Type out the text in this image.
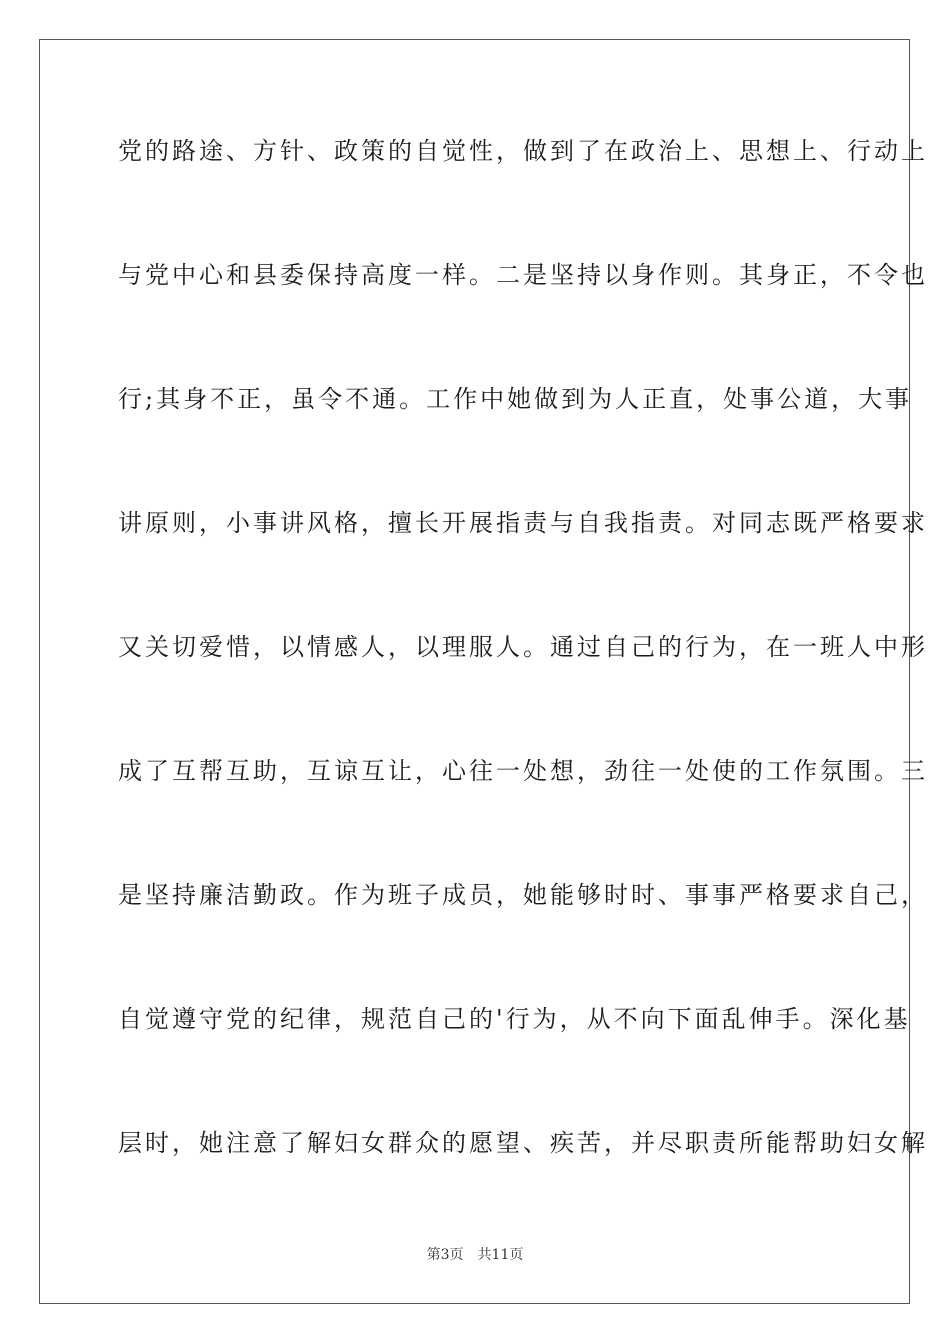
党的路途、方针、政策的自觉性，做到了在政治上、思想上、行动上
与党中心和县委保持高度一样。二是坚持以身作则。其身正，不令也
行;其身不正，虽令不通。工作中她做到为人正直，处事公道，大事
讲原则，小事讲风格，擅长开展指责与自我指责。对同志既严格要求
又关切爱惜，以情感人，以理服人。通过自己的行为，在一班人中形
成了互帮互助，互谅互让，心往一处想，劲往一处使的工作氛围。三
是坚持廉洁勤政。作为班子成员，她能够时时、事事严格要求自己，
自觉遵守党的纪律，规范自己的'行为，从不向下面乱伸手。深化基
层时，她注意了解妇女群众的愿望、疾苦，并尽职责所能帮助妇女解
第3页 共11页
